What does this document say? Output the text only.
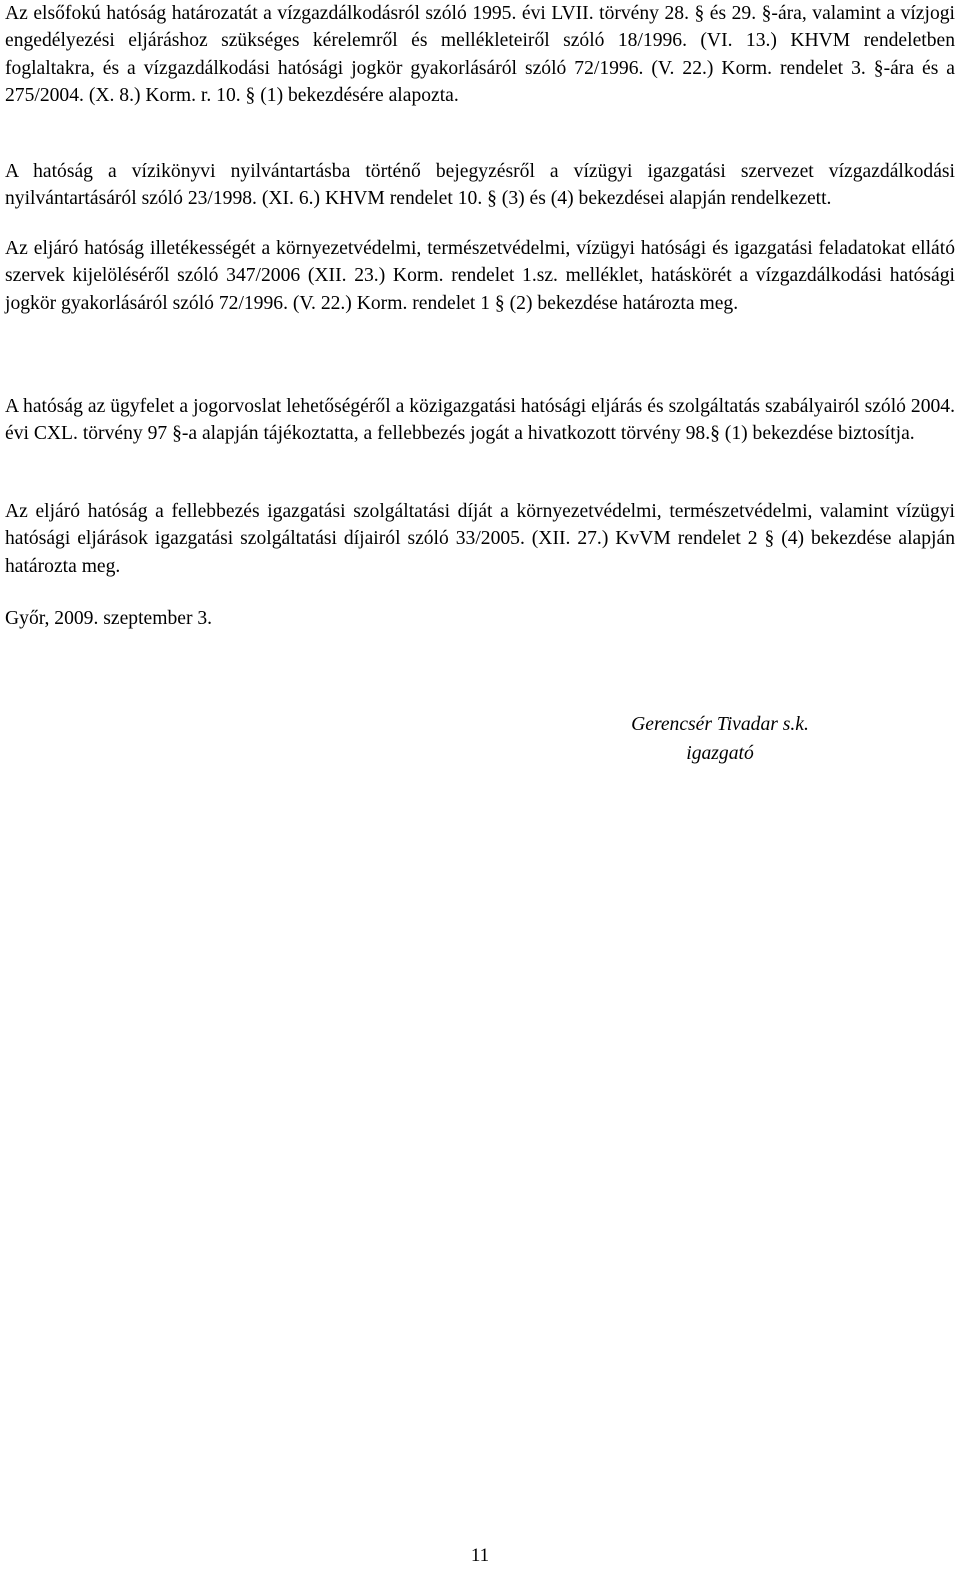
Az elsőfokú hatóság határozatát a vízgazdálkodásról szóló 1995. évi LVII. törvény 28. § és 29. §-ára, valamint a vízjogi engedélyezési eljáráshoz szükséges kérelemről és mellékleteiről szóló 18/1996. (VI. 13.) KHVM rendeletben foglaltakra, és a vízgazdálkodási hatósági jogkör gyakorlásáról szóló 72/1996. (V. 22.) Korm. rendelet 3. §-ára és a 275/2004. (X. 8.) Korm. r. 10. § (1) bekezdésére alapozta.

A hatóság a vízikönyvi nyilvántartásba történő bejegyzésről a vízügyi igazgatási szervezet vízgazdálkodási nyilvántartásáról szóló 23/1998. (XI. 6.) KHVM rendelet 10. § (3) és (4) bekezdései alapján rendelkezett.

Az eljáró hatóság illetékességét a környezetvédelmi, természetvédelmi, vízügyi hatósági és igazgatási feladatokat ellátó szervek kijelöléséről szóló 347/2006 (XII. 23.) Korm. rendelet 1.sz. melléklet, hatáskörét a vízgazdálkodási hatósági jogkör gyakorlásáról szóló 72/1996. (V. 22.) Korm. rendelet 1 § (2) bekezdése határozta meg.

A hatóság az ügyfelet a jogorvoslat lehetőségéről a közigazgatási hatósági eljárás és szolgáltatás szabályairól szóló 2004. évi CXL. törvény 97 §-a alapján tájékoztatta, a fellebbezés jogát a hivatkozott törvény 98.§ (1) bekezdése biztosítja.

Az eljáró hatóság a fellebbezés igazgatási szolgáltatási díját a környezetvédelmi, természetvédelmi, valamint vízügyi hatósági eljárások igazgatási szolgáltatási díjairól szóló 33/2005. (XII. 27.) KvVM rendelet 2 § (4) bekezdése alapján határozta meg.

Győr, 2009. szeptember 3.

Gerencsér Tivadar s.k.
igazgató
11
